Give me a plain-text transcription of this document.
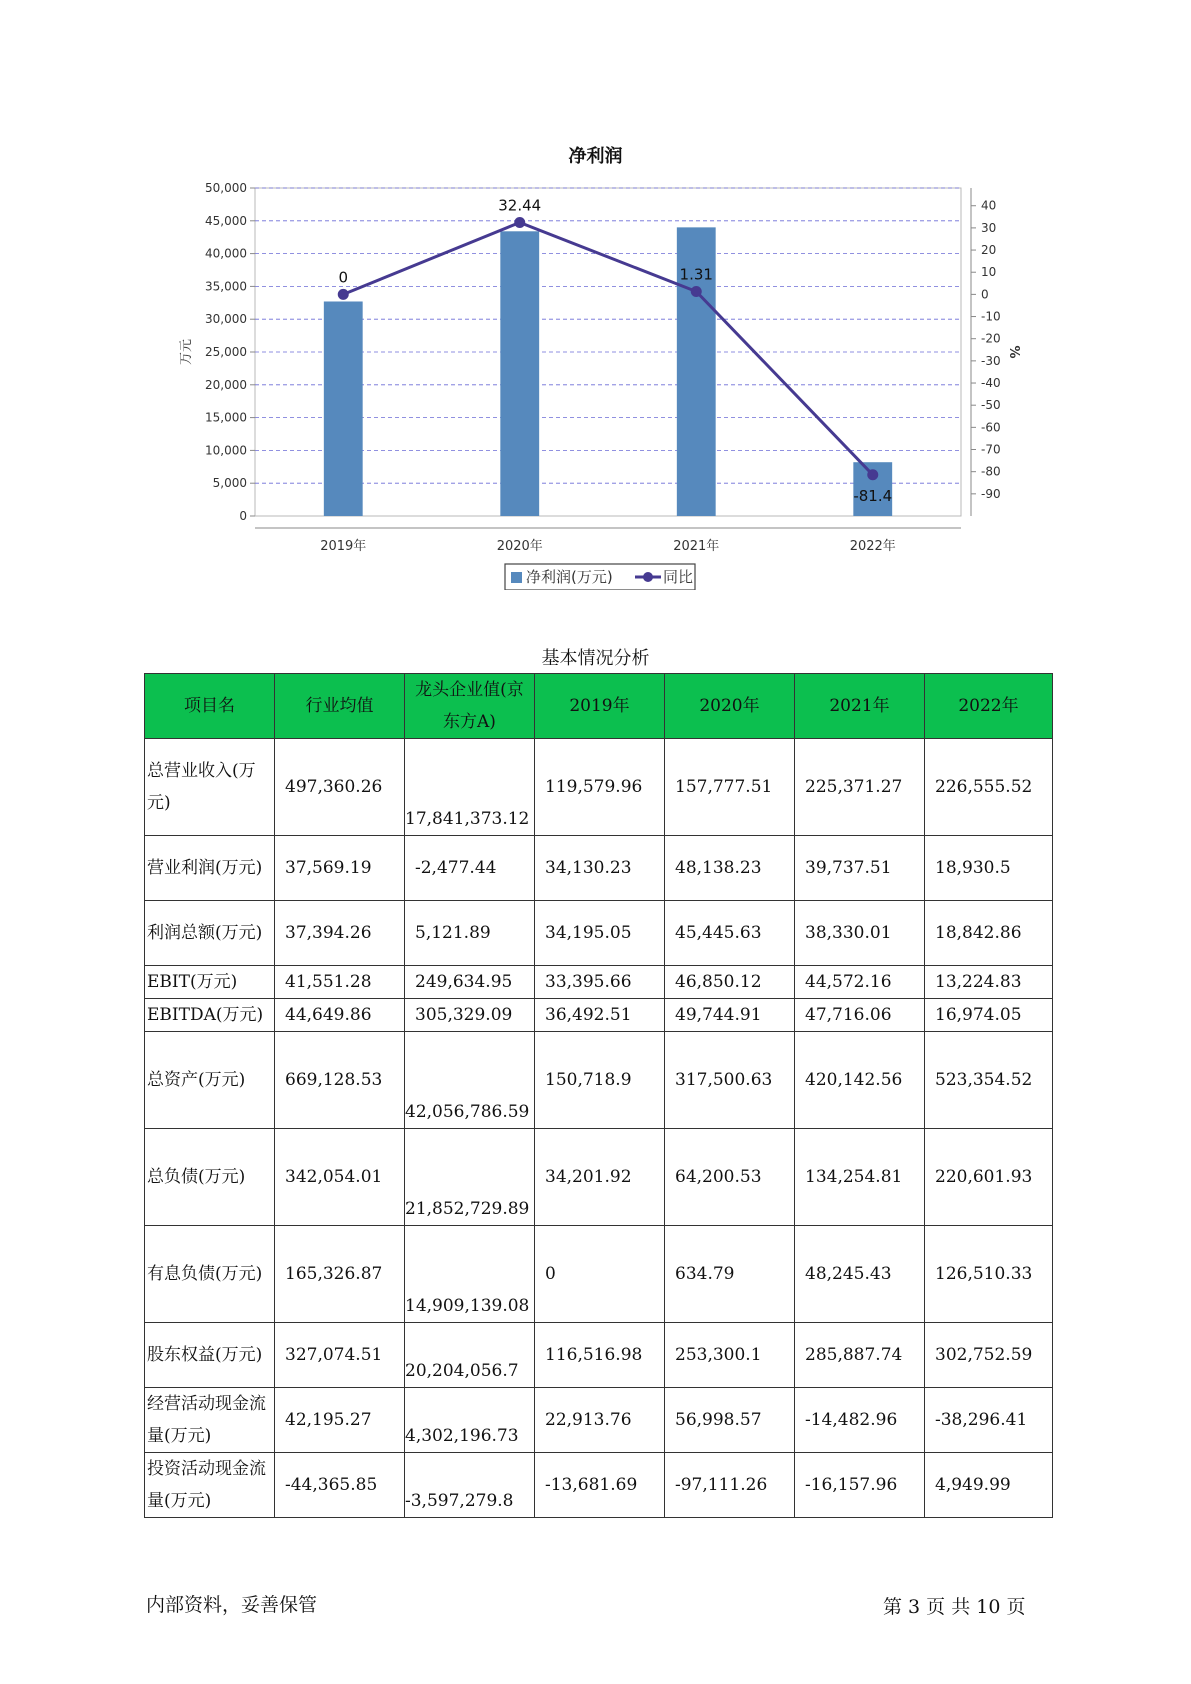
净利润
0
5,000
10,000
15,000
20,000
25,000
30,000
35,000
40,000
45,000
50,000
40
30
20
10
0
-10
-20
-30
-40
-50
-60
-70
-80
-90
万元	%
2019年	2020年	2021年	2022年
0
32.44
1.31
-81.4
净利润(万元)	同比
基本情况分析
项目名	行业均值	龙头企业值(京东方A)	2019年	2020年	2021年	2022年
总营业收入(万元)	497,360.26	17,841,373.12	119,579.96	157,777.51	225,371.27	226,555.52
营业利润(万元)	37,569.19	-2,477.44	34,130.23	48,138.23	39,737.51	18,930.5
利润总额(万元)	37,394.26	5,121.89	34,195.05	45,445.63	38,330.01	18,842.86
EBIT(万元)	41,551.28	249,634.95	33,395.66	46,850.12	44,572.16	13,224.83
EBITDA(万元)	44,649.86	305,329.09	36,492.51	49,744.91	47,716.06	16,974.05
总资产(万元)	669,128.53	42,056,786.59	150,718.9	317,500.63	420,142.56	523,354.52
总负债(万元)	342,054.01	21,852,729.89	34,201.92	64,200.53	134,254.81	220,601.93
有息负债(万元)	165,326.87	14,909,139.08	0	634.79	48,245.43	126,510.33
股东权益(万元)	327,074.51	20,204,056.7	116,516.98	253,300.1	285,887.74	302,752.59
经营活动现金流量(万元)	42,195.27	4,302,196.73	22,913.76	56,998.57	-14,482.96	-38,296.41
投资活动现金流量(万元)	-44,365.85	-3,597,279.8	-13,681.69	-97,111.26	-16,157.96	4,949.99
内部资料，妥善保管	第 3 页 共 10 页
